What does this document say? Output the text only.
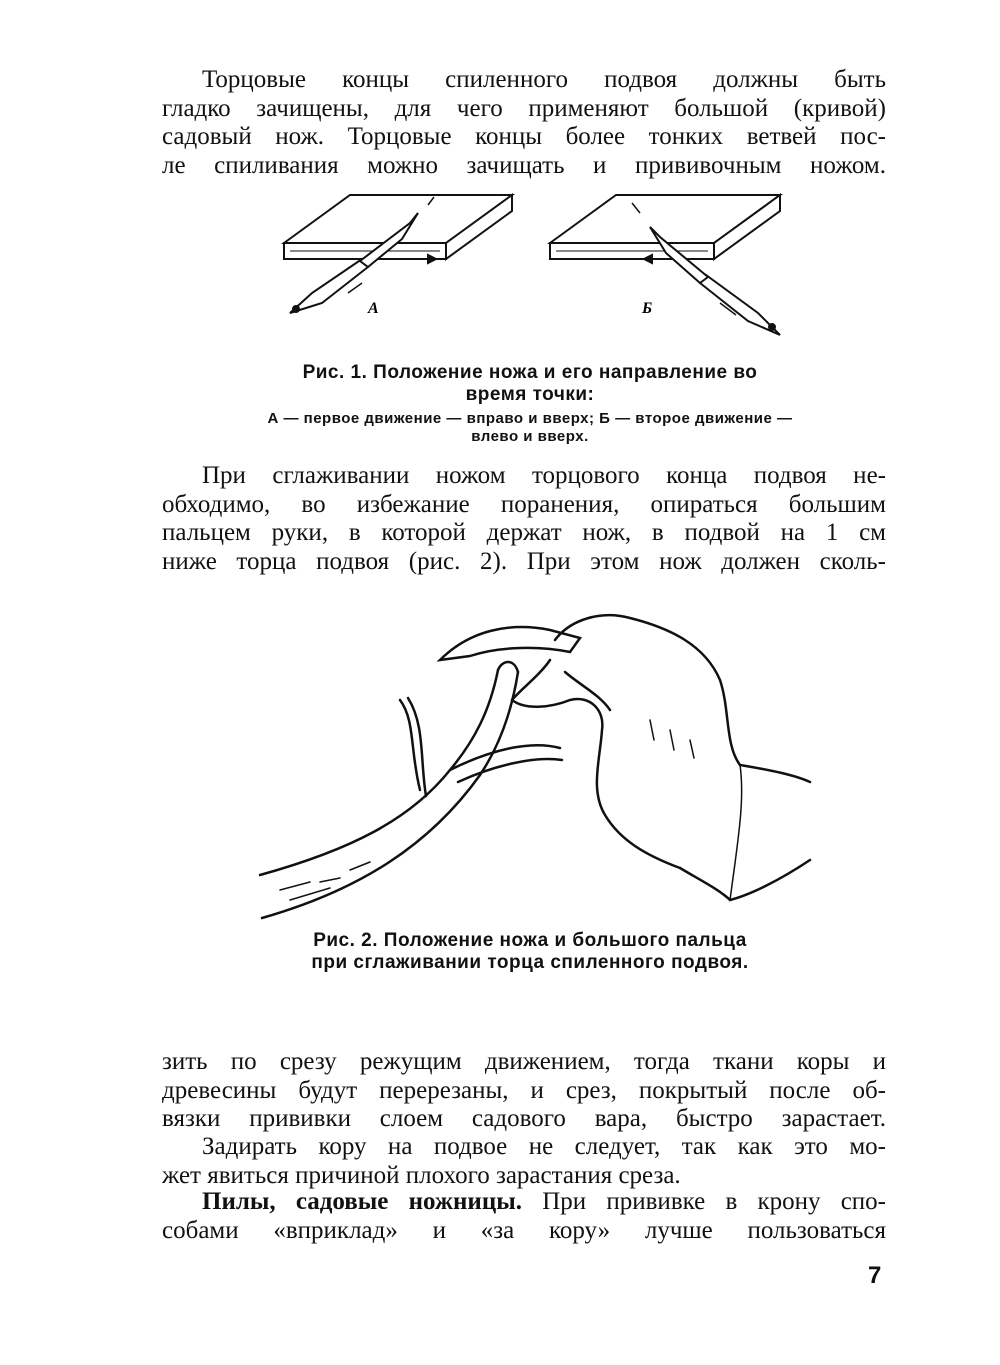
Торцовые концы спиленного подвоя должны быть
гладко зачищены, для чего применяют большой (кривой)
садовый нож. Торцовые концы более тонких ветвей пос-
ле спиливания можно зачищать и прививочным ножом.
А	Б
Рис. 1. Положение ножа и его направление во время точки:
А — первое движение — вправо и вверх; Б — второе движение — влево и вверх.
При сглаживании ножом торцового конца подвоя не-
обходимо, во избежание поранения, опираться большим
пальцем руки, в которой держат нож, в подвой на 1 см
ниже торца подвоя (рис. 2). При этом нож должен сколь-
Рис. 2. Положение ножа и большого пальца при сглаживании торца спиленного подвоя.
зить по срезу режущим движением, тогда ткани коры и
древесины будут перерезаны, и срез, покрытый после об-
вязки прививки слоем садового вара, быстро зарастает.
Задирать кору на подвое не следует, так как это мо-
жет явиться причиной плохого зарастания среза.
Пилы, садовые ножницы. При прививке в крону спо-
собами «вприклад» и «за кору» лучше пользоваться
7
